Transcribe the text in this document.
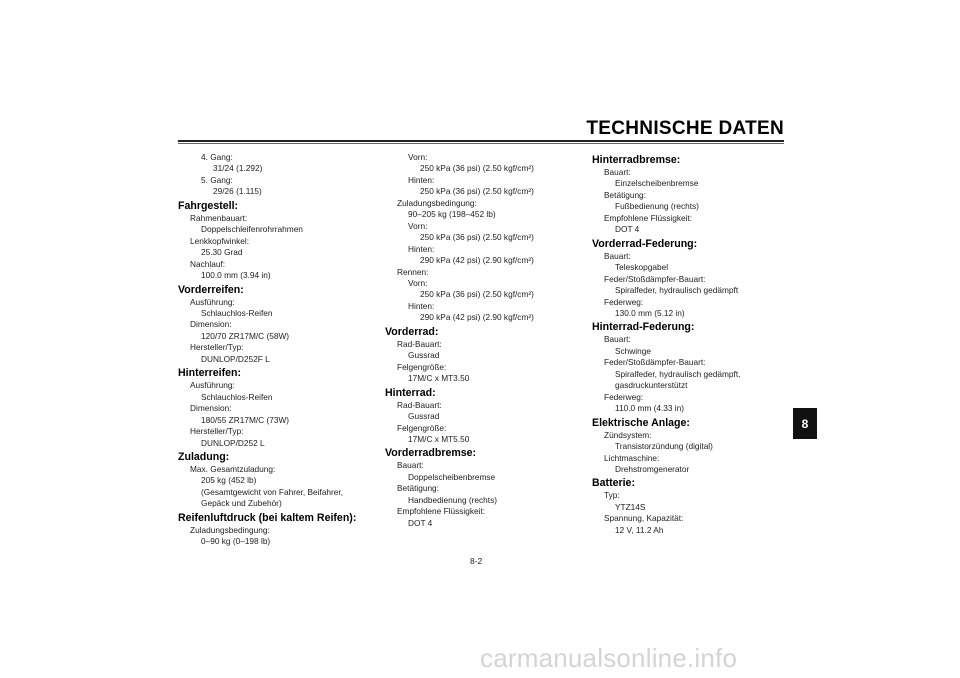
TECHNISCHE DATEN
8
4. Gang:
31/24 (1.292)
5. Gang:
29/26 (1.115)
Fahrgestell:
Rahmenbauart:
Doppelschleifenrohrrahmen
Lenkkopfwinkel:
25.30 Grad
Nachlauf:
100.0 mm (3.94 in)
Vorderreifen:
Ausführung:
Schlauchlos-Reifen
Dimension:
120/70 ZR17M/C (58W)
Hersteller/Typ:
DUNLOP/D252F L
Hinterreifen:
Ausführung:
Schlauchlos-Reifen
Dimension:
180/55 ZR17M/C (73W)
Hersteller/Typ:
DUNLOP/D252 L
Zuladung:
Max. Gesamtzuladung:
205 kg (452 lb)
(Gesamtgewicht von Fahrer, Beifahrer,
Gepäck und Zubehör)
Reifenluftdruck (bei kaltem Reifen):
Zuladungsbedingung:
0–90 kg (0–198 lb)
Vorn:
250 kPa (36 psi) (2.50 kgf/cm²)
Hinten:
250 kPa (36 psi) (2.50 kgf/cm²)
Zuladungsbedingung:
90–205 kg (198–452 lb)
Vorn:
250 kPa (36 psi) (2.50 kgf/cm²)
Hinten:
290 kPa (42 psi) (2.90 kgf/cm²)
Rennen:
Vorn:
250 kPa (36 psi) (2.50 kgf/cm²)
Hinten:
290 kPa (42 psi) (2.90 kgf/cm²)
Vorderrad:
Rad-Bauart:
Gussrad
Felgengröße:
17M/C x MT3.50
Hinterrad:
Rad-Bauart:
Gussrad
Felgengröße:
17M/C x MT5.50
Vorderradbremse:
Bauart:
Doppelscheibenbremse
Betätigung:
Handbedienung (rechts)
Empfohlene Flüssigkeit:
DOT 4
Hinterradbremse:
Bauart:
Einzelscheibenbremse
Betätigung:
Fußbedienung (rechts)
Empfohlene Flüssigkeit:
DOT 4
Vorderrad-Federung:
Bauart:
Teleskopgabel
Feder/Stoßdämpfer-Bauart:
Spiralfeder, hydraulisch gedämpft
Federweg:
130.0 mm (5.12 in)
Hinterrad-Federung:
Bauart:
Schwinge
Feder/Stoßdämpfer-Bauart:
Spiralfeder, hydraulisch gedämpft,
gasdruckunterstützt
Federweg:
110.0 mm (4.33 in)
Elektrische Anlage:
Zündsystem:
Transistorzündung (digital)
Lichtmaschine:
Drehstromgenerator
Batterie:
Typ:
YTZ14S
Spannung, Kapazität:
12 V, 11.2 Ah
8-2
carmanualsonline.info
